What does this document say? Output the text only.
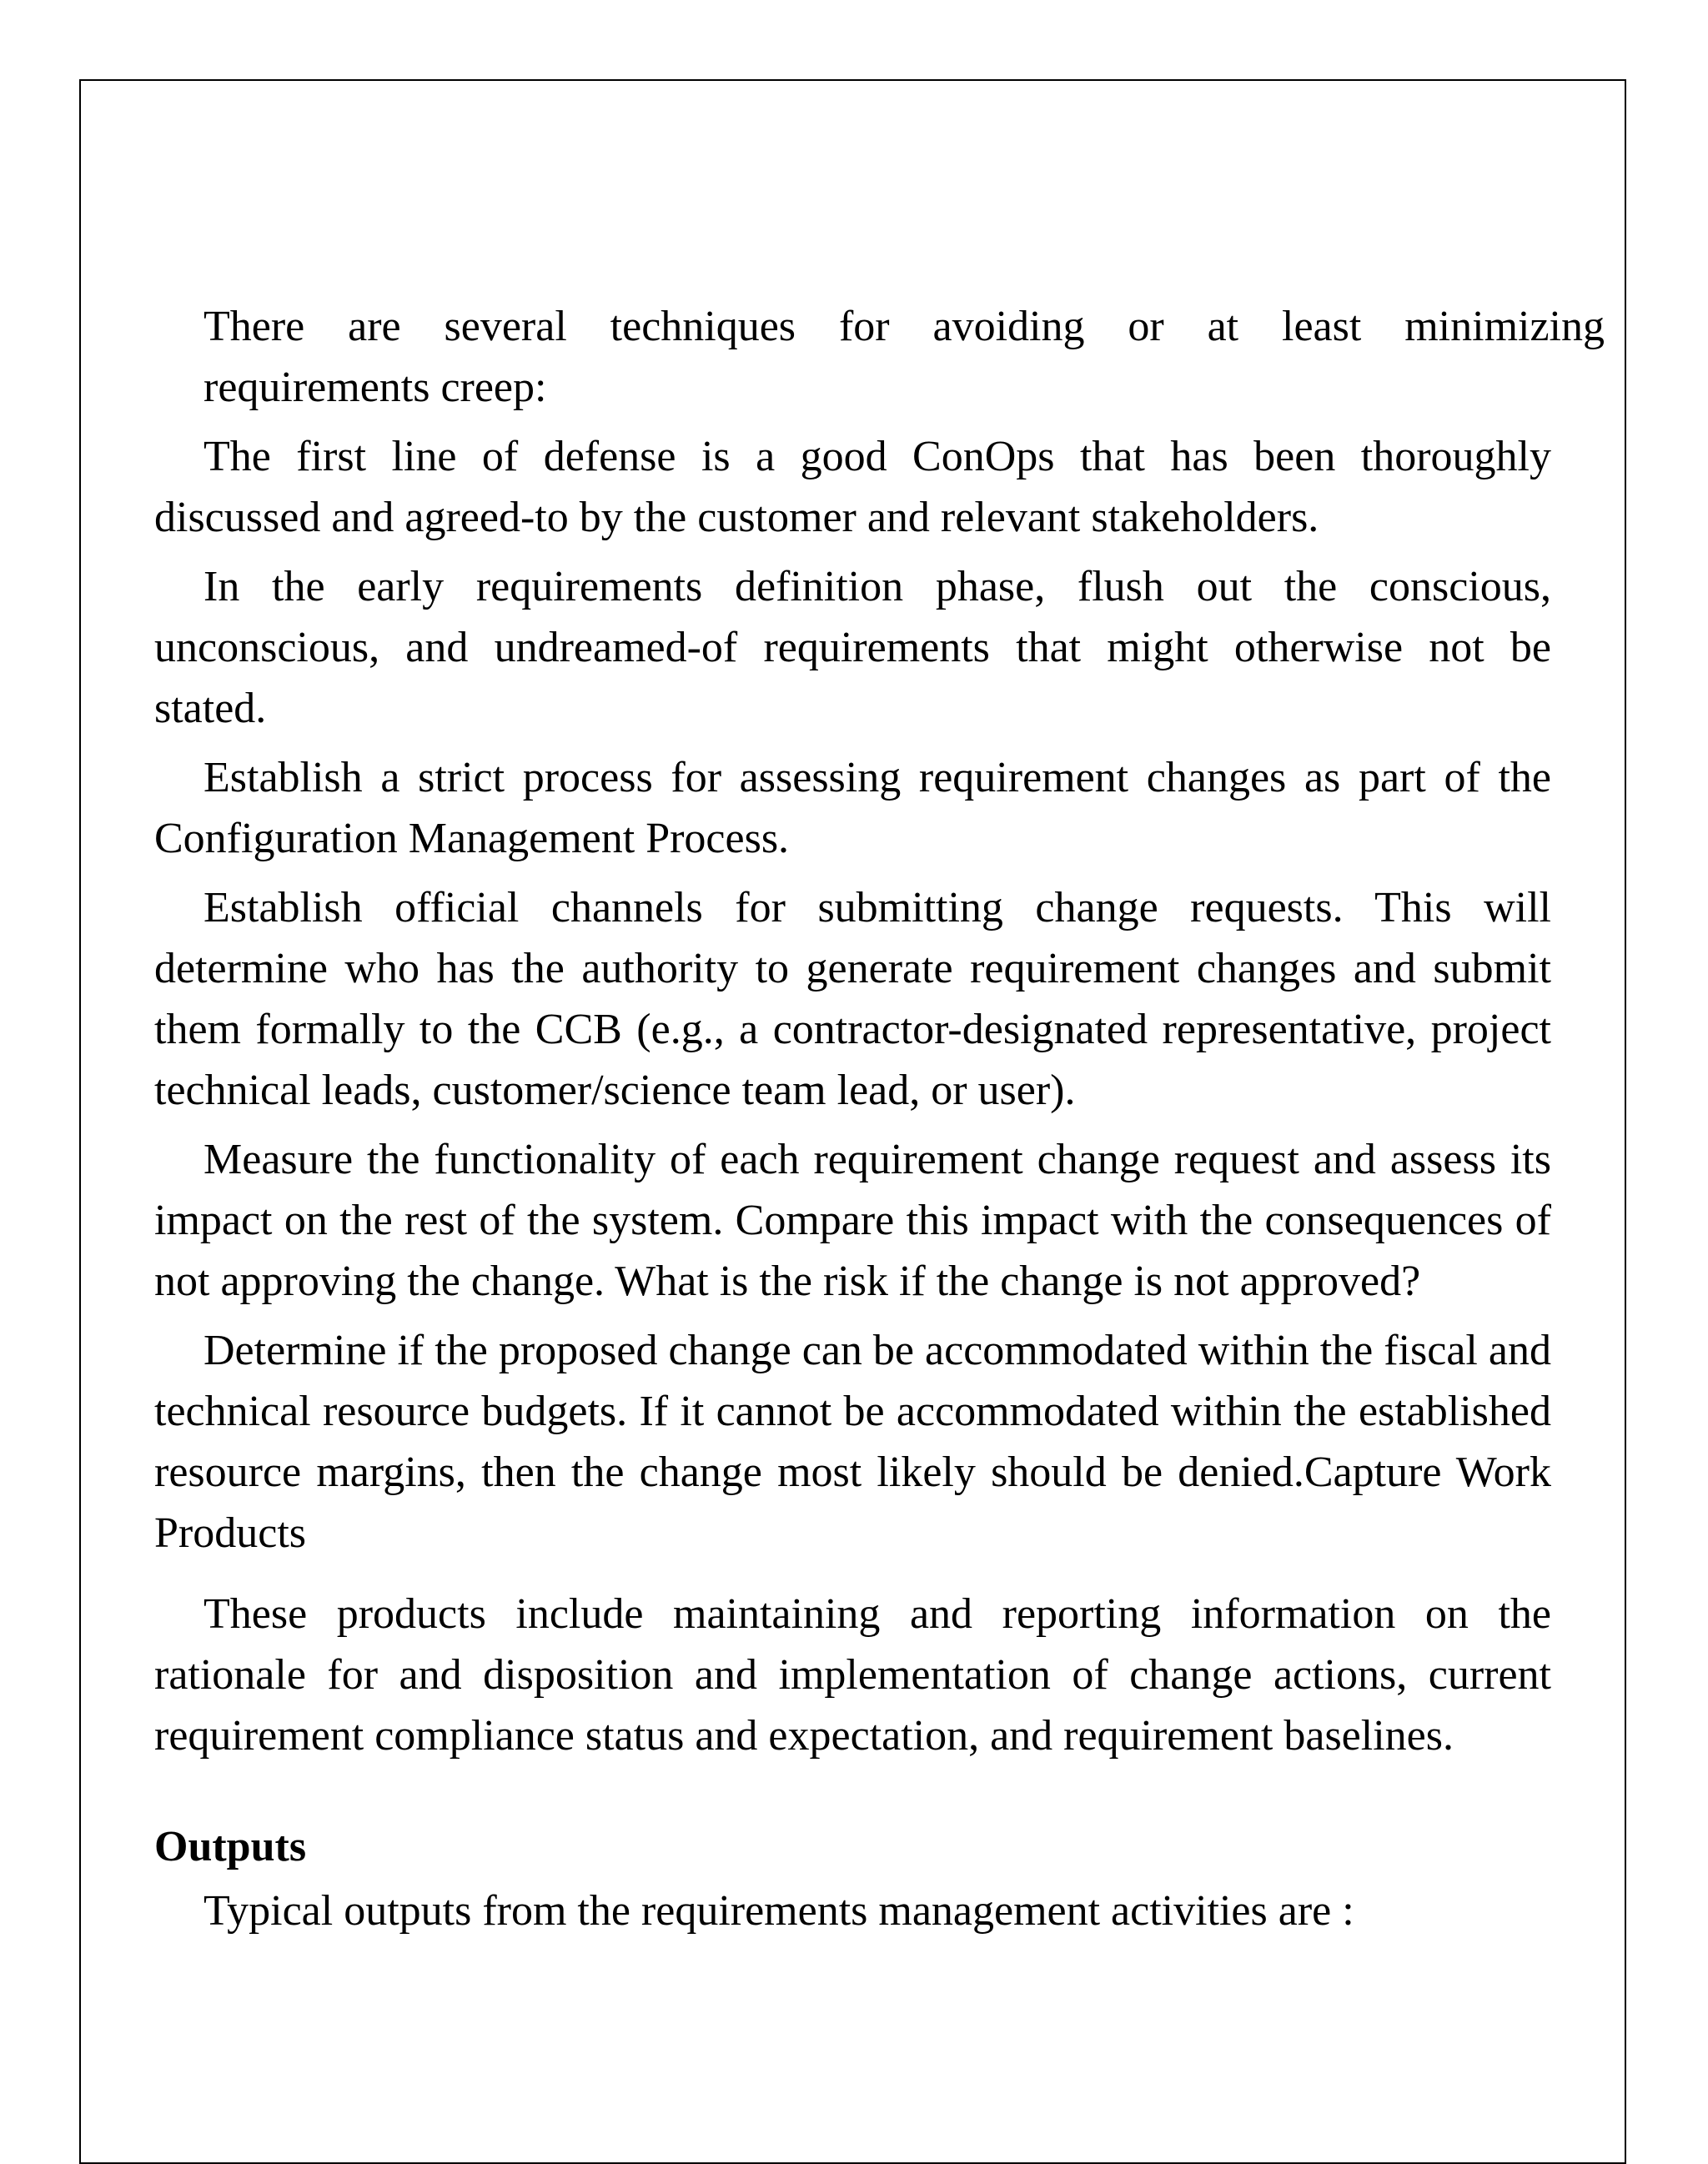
There are several techniques for avoiding or at least minimizing

requirements creep:

The first line of defense is a good ConOps that has been thoroughly discussed and agreed-to by the customer and relevant stakeholders.

In the early requirements definition phase, flush out the conscious, unconscious, and undreamed-of requirements that might otherwise not be stated.

Establish a strict process for assessing requirement changes as part of the Configuration Management Process.

Establish official channels for submitting change requests. This will determine who has the authority to generate requirement changes and submit them formally to the CCB (e.g., a contractor-designated representative, project technical leads, customer/science team lead, or user).

Measure the functionality of each requirement change request and assess its impact on the rest of the system. Compare this impact with the consequences of not approving the change. What is the risk if the change is not approved?

Determine if the proposed change can be accommodated within the fiscal and technical resource budgets. If it cannot be accommodated within the established resource margins, then the change most likely should be denied.Capture Work Products

These products include maintaining and reporting information on the rationale for and disposition and implementation of change actions, current requirement compliance status and expectation, and requirement baselines.

Outputs

Typical outputs from the requirements management activities are :
